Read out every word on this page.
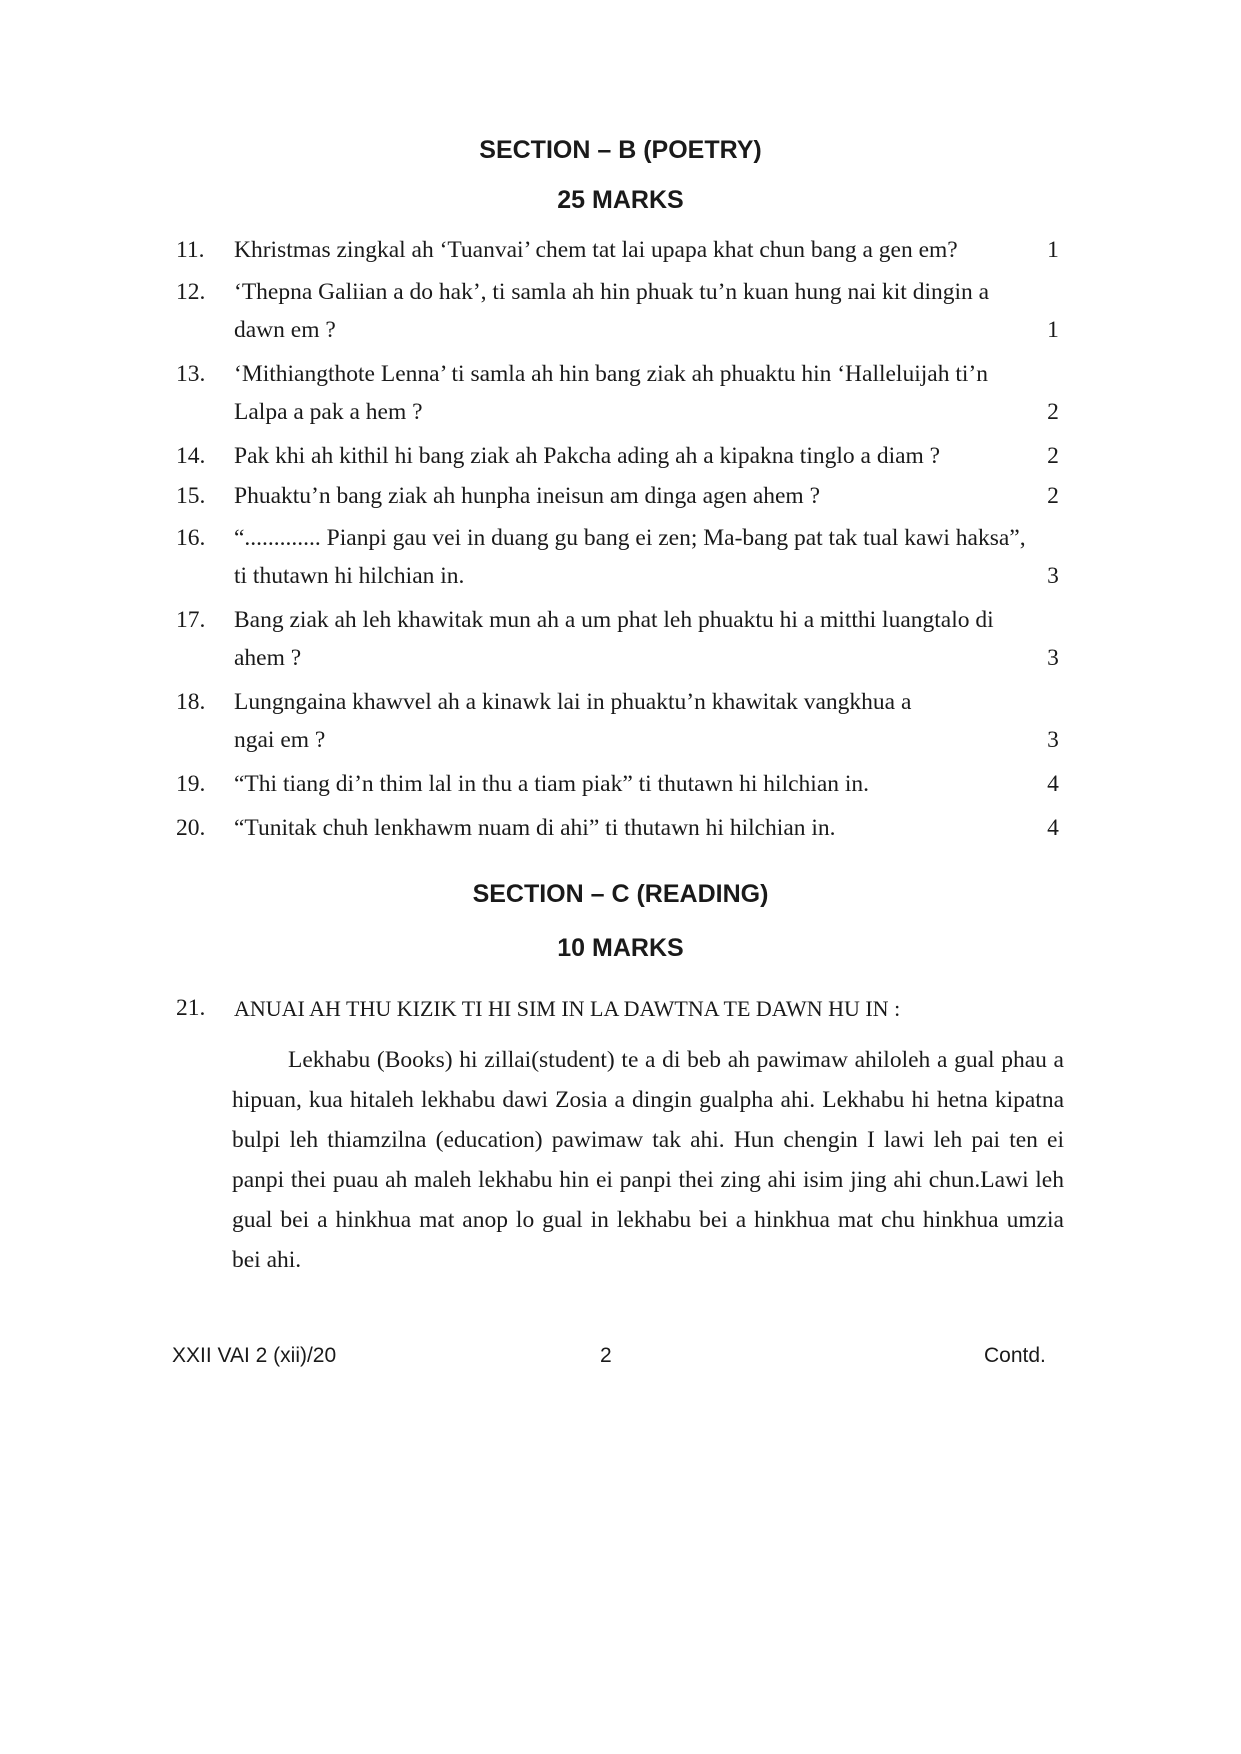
SECTION – B (POETRY)
25 MARKS
11. Khristmas zingkal ah ‘Tuanvai’ chem tat lai upapa khat chun bang a gen em?	1
12. ‘Thepna Galiian a do hak’, ti samla ah hin phuak tu’n kuan hung nai kit dingin a
dawn em ?	1
13. ‘Mithiangthote Lenna’ ti samla ah hin bang ziak ah phuaktu hin ‘Halleluijah ti’n
Lalpa a pak a hem ?	2
14. Pak khi ah kithil hi bang ziak ah Pakcha ading ah a kipakna tinglo a diam ?	2
15. Phuaktu’n bang ziak ah hunpha ineisun am dinga agen ahem ?	2
16. “............. Pianpi gau vei in duang gu bang ei zen; Ma-bang pat tak tual kawi haksa”,
ti thutawn hi hilchian in.	3
17. Bang ziak ah leh khawitak mun ah a um phat leh phuaktu hi a mitthi luangtalo di
ahem ?	3
18. Lungngaina khawvel ah a kinawk lai in phuaktu’n khawitak vangkhua a
ngai em ?	3
19. “Thi tiang di’n thim lal in thu a tiam piak” ti thutawn hi hilchian in.	4
20. “Tunitak chuh lenkhawm nuam di ahi” ti thutawn hi hilchian in.	4
SECTION – C (READING)
10 MARKS
21. ANUAI AH THU KIZIK TI HI SIM IN LA DAWTNA TE DAWN HU IN :
Lekhabu (Books) hi zillai(student) te a di beb ah pawimaw ahiloleh a gual phau a hipuan, kua hitaleh lekhabu dawi Zosia a dingin gualpha ahi. Lekhabu hi hetna kipatna bulpi leh thiamzilna (education) pawimaw tak ahi. Hun chengin I lawi leh pai ten ei panpi thei puau ah maleh lekhabu hin ei panpi thei zing ahi isim jing ahi chun.Lawi leh gual bei a hinkhua mat anop lo gual in lekhabu bei a hinkhua mat chu hinkhua umzia bei ahi.
XXII VAI 2 (xii)/20	2	Contd.
